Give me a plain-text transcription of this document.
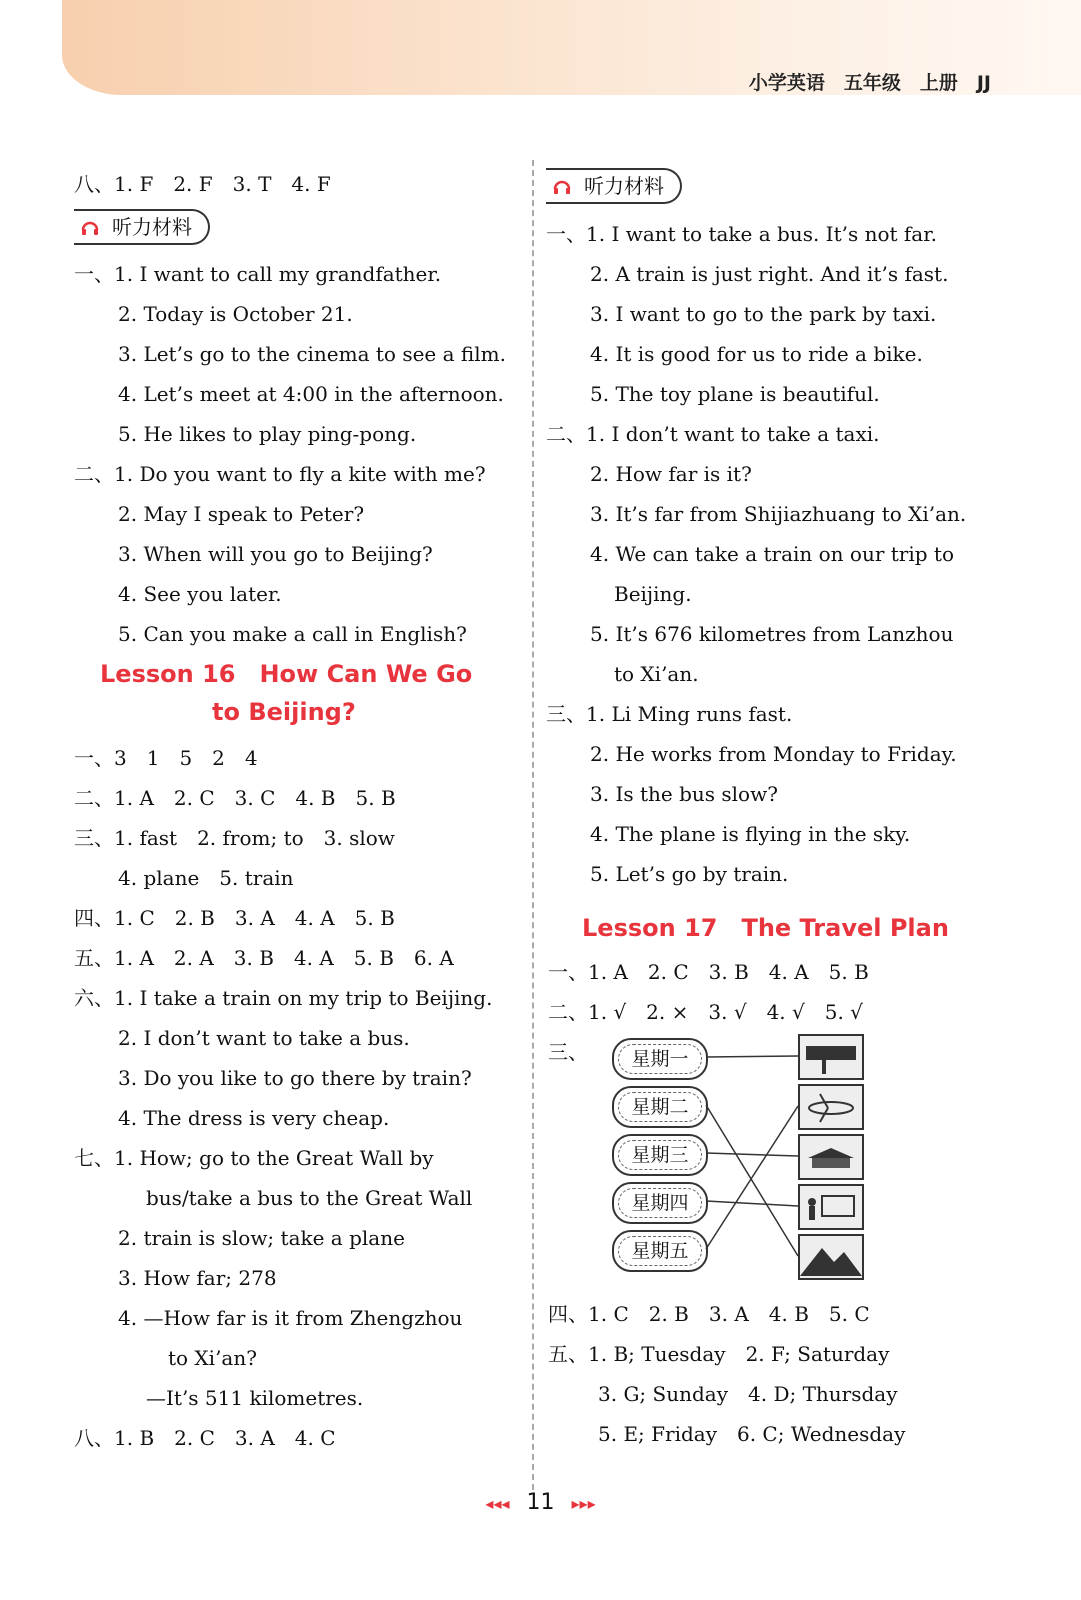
小学英语　五年级　上册　JJ
听力材料
听力材料
Lesson 16　How Can We Go
to Beijing?
Lesson 17　The Travel Plan
八、1. F　2. F　3. T　4. F
一、1. I want to call my grandfather.
2. Today is October 21.
3. Let’s go to the cinema to see a film.
4. Let’s meet at 4:00 in the afternoon.
5. He likes to play ping-pong.
二、1. Do you want to fly a kite with me?
2. May I speak to Peter?
3. When will you go to Beijing?
4. See you later.
5. Can you make a call in English?
一、3　1　5　2　4
二、1. A　2. C　3. C　4. B　5. B
三、1. fast　2. from; to　3. slow
4. plane　5. train
四、1. C　2. B　3. A　4. A　5. B
五、1. A　2. A　3. B　4. A　5. B　6. A
六、1. I take a train on my trip to Beijing.
2. I don’t want to take a bus.
3. Do you like to go there by train?
4. The dress is very cheap.
七、1. How; go to the Great Wall by
bus/take a bus to the Great Wall
2. train is slow; take a plane
3. How far; 278
4. —How far is it from Zhengzhou
to Xi’an?
—It’s 511 kilometres.
八、1. B　2. C　3. A　4. C
一、1. I want to take a bus. It’s not far.
2. A train is just right. And it’s fast.
3. I want to go to the park by taxi.
4. It is good for us to ride a bike.
5. The toy plane is beautiful.
二、1. I don’t want to take a taxi.
2. How far is it?
3. It’s far from Shijiazhuang to Xi’an.
4. We can take a train on our trip to
Beijing.
5. It’s 676 kilometres from Lanzhou
to Xi’an.
三、1. Li Ming runs fast.
2. He works from Monday to Friday.
3. Is the bus slow?
4. The plane is flying in the sky.
5. Let’s go by train.
一、1. A　2. C　3. B　4. A　5. B
二、1. √　2. ×　3. √　4. √　5. √
三、
四、1. C　2. B　3. A　4. B　5. C
五、1. B; Tuesday　2. F; Saturday
3. G; Sunday　4. D; Thursday
5. E; Friday　6. C; Wednesday
星期一
星期二
星期三
星期四
星期五
◂◂◂ 11 ▸▸▸
